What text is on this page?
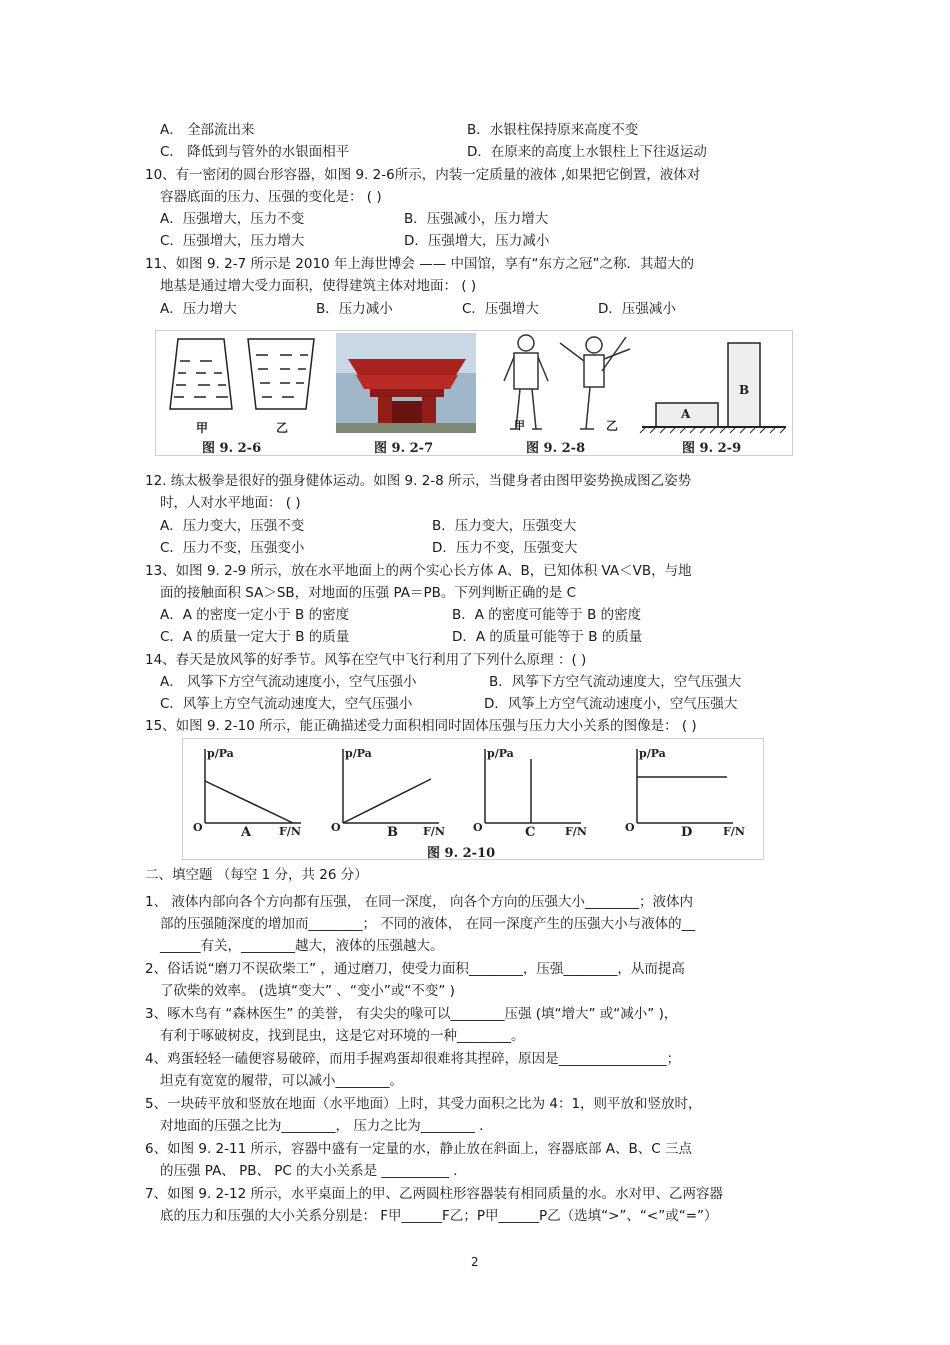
A． 全部流出来	B．水银柱保持原来高度不变
C． 降低到与管外的水银面相平	D．在原来的高度上水银柱上下往返运动
10、有一密闭的圆台形容器，如图 9. 2-6所示，内装一定质量的液体 ,如果把它倒置，液体对
容器底面的压力、压强的变化是： ( )
A．压强增大，压力不变	B．压强减小，压力增大
C．压强增大，压力增大	D．压强增大，压力减小
11、如图 9. 2-7 所示是 2010 年上海世博会 —— 中国馆，享有“东方之冠”之称．其超大的
地基是通过增大受力面积，使得建筑主体对地面： ( )
A．压力增大	B．压力减小	C．压强增大	D．压强减小
甲	乙	甲	乙
A
B
图 9. 2-6	图 9. 2-7	图 9. 2-8	图 9. 2-9
12. 练太极拳是很好的强身健体运动。如图 9. 2-8 所示，当健身者由图甲姿势换成图乙姿势
时，人对水平地面： ( )
A．压力变大，压强不变	B．压力变大，压强变大
C．压力不变，压强变小	D．压力不变，压强变大
13、如图 9. 2-9 所示，放在水平地面上的两个实心长方体 A、B，已知体积 VA＜VB，与地
面的接触面积 SA＞SB，对地面的压强 PA＝PB。下列判断正确的是 C
A．A 的密度一定小于 B 的密度	B．A 的密度可能等于 B 的密度
C．A 的质量一定大于 B 的质量	D．A 的质量可能等于 B 的质量
14、春天是放风筝的好季节。风筝在空气中飞行利用了下列什么原理 ：( )
A． 风筝下方空气流动速度小，空气压强小	B．风筝下方空气流动速度大，空气压强大
C．风筝上方空气流动速度大，空气压强小	D．风筝上方空气流动速度小，空气压强大
15、如图 9. 2-10 所示，能正确描述受力面积相同时固体压强与压力大小关系的图像是： ( )
p/Pa	p/Pa	p/Pa	p/Pa
O	O	O	O
A	B	C	D
F/N	F/N	F/N	F/N
图 9. 2-10
二、填空题 （每空 1 分，共 26 分）
1、 液体内部向各个方向都有压强， 在同一深度， 向各个方向的压强大小________；液体内
部的压强随深度的增加而________； 不同的液体， 在同一深度产生的压强大小与液体的__
______有关，________越大，液体的压强越大。
2、俗话说“磨刀不误砍柴工” ，通过磨刀，使受力面积________，压强________，从而提高
了砍柴的效率。 (选填“变大” 、“变小”或“不变” )
3、啄木鸟有 “森林医生” 的美誉， 有尖尖的喙可以________压强 (填“增大” 或“减小” )，
有利于啄破树皮，找到昆虫，这是它对环境的一种________。
4、鸡蛋轻轻一磕便容易破碎，而用手握鸡蛋却很难将其捏碎，原因是________________；
坦克有宽宽的履带，可以减小________。
5、一块砖平放和竖放在地面（水平地面）上时，其受力面积之比为 4：1，则平放和竖放时，
对地面的压强之比为________， 压力之比为________ .
6、如图 9. 2-11 所示，容器中盛有一定量的水，静止放在斜面上，容器底部 A、B、C 三点
的压强 PA、 PB、 PC 的大小关系是 __________ .
7、如图 9. 2-12 所示，水平桌面上的甲、乙两圆柱形容器装有相同质量的水。水对甲、乙两容器
底的压力和压强的大小关系分别是： F甲______F乙；P甲______P乙（选填“>”、“<”或“=”）
2
